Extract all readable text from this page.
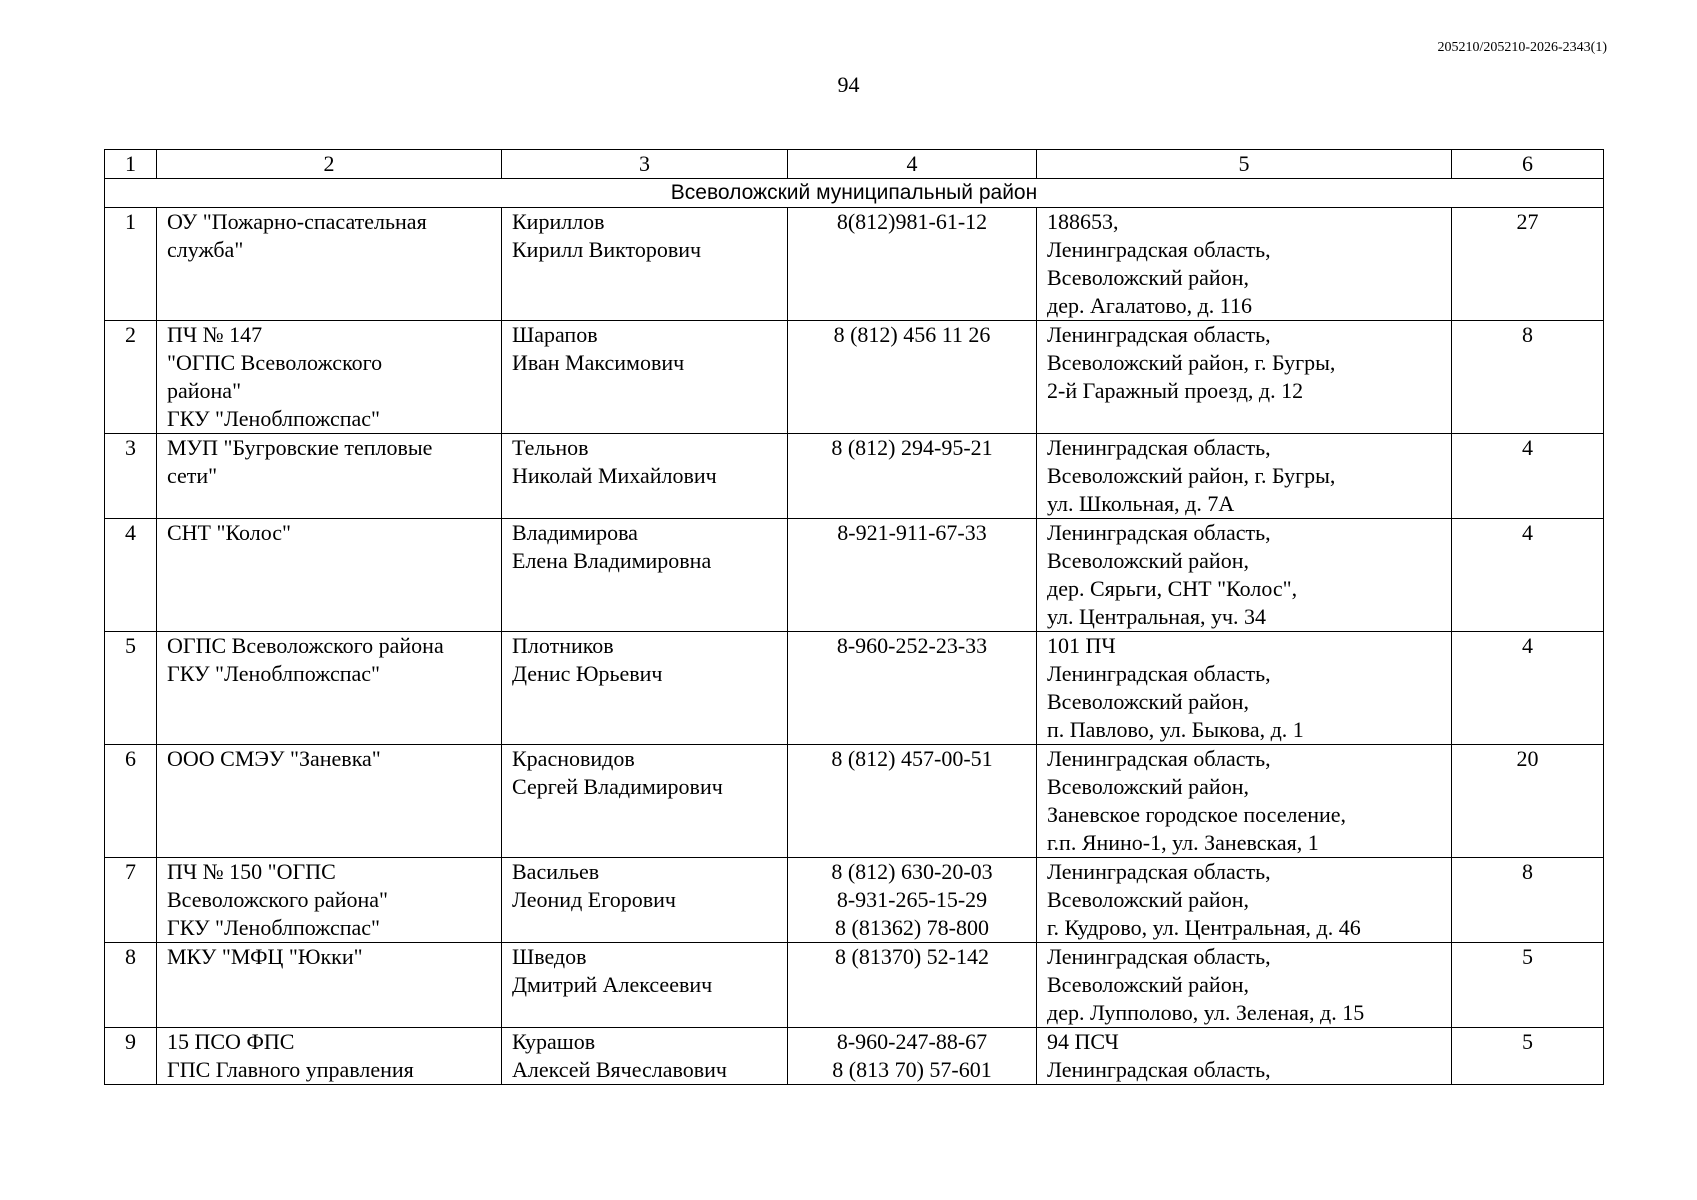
205210/205210-2026-2343(1)
94
1	2	3	4	5	6
Всеволожский муниципальный район					
1	ОУ "Пожарно-спасательная
служба"	Кириллов
Кирилл Викторович	8(812)981-61-12	188653,
Ленинградская область,
Всеволожский район,
дер. Агалатово, д. 116	27
2	ПЧ № 147
"ОГПС Всеволожского
района"
ГКУ "Леноблпожспас"	Шарапов
Иван Максимович	8 (812) 456 11 26	Ленинградская область,
Всеволожский район, г. Бугры,
2-й Гаражный проезд, д. 12	8
3	МУП "Бугровские тепловые
сети"	Тельнов
Николай Михайлович	8 (812) 294-95-21	Ленинградская область,
Всеволожский район, г. Бугры,
ул. Школьная, д. 7А	4
4	СНТ "Колос"	Владимирова
Елена Владимировна	8-921-911-67-33	Ленинградская область,
Всеволожский район,
дер. Сярьги, СНТ "Колос",
ул. Центральная, уч. 34	4
5	ОГПС Всеволожского района
ГКУ "Леноблпожспас"	Плотников
Денис Юрьевич	8-960-252-23-33	101 ПЧ
Ленинградская область,
Всеволожский район,
п. Павлово, ул. Быкова, д. 1	4
6	ООО СМЭУ "Заневка"	Красновидов
Сергей Владимирович	8 (812) 457-00-51	Ленинградская область,
Всеволожский район,
Заневское городское поселение,
г.п. Янино-1, ул. Заневская, 1	20
7	ПЧ № 150 "ОГПС
Всеволожского района"
ГКУ "Леноблпожспас"	Васильев
Леонид Егорович	8 (812) 630-20-03
8-931-265-15-29
8 (81362) 78-800	Ленинградская область,
Всеволожский район,
г. Кудрово, ул. Центральная, д. 46	8
8	МКУ "МФЦ "Юкки"	Шведов
Дмитрий Алексеевич	8 (81370) 52-142	Ленинградская область,
Всеволожский район,
дер. Лупполово, ул. Зеленая, д. 15	5
9	15 ПСО ФПС
ГПС Главного управления	Курашов
Алексей Вячеславович	8-960-247-88-67
8 (813 70) 57-601	94 ПСЧ
Ленинградская область,	5
